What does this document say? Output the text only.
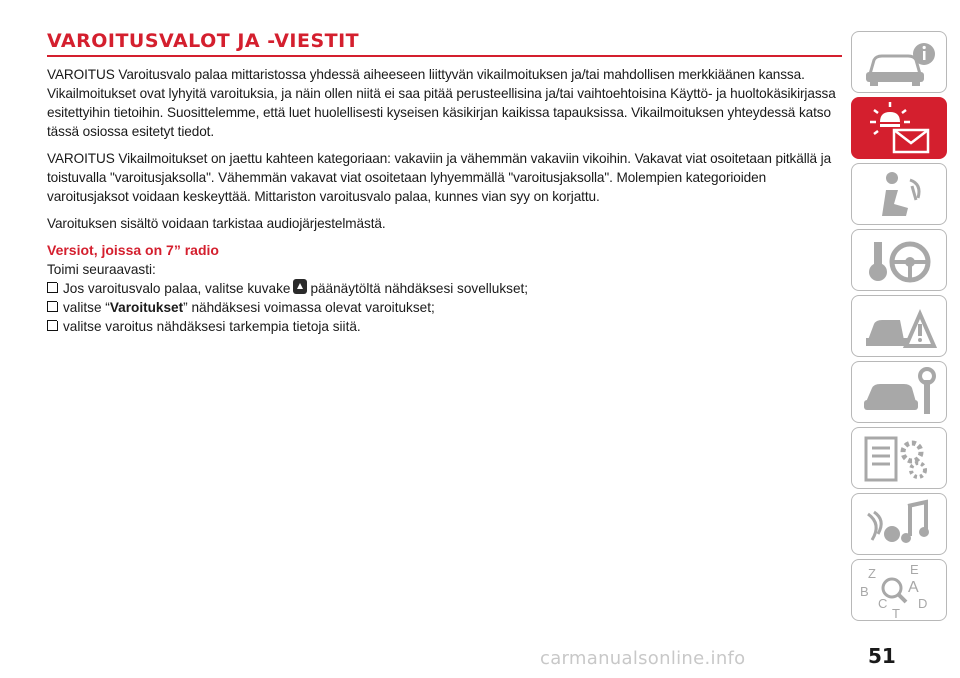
VAROITUSVALOT JA -VIESTIT

VAROITUS Varoitusvalo palaa mittaristossa yhdessä aiheeseen liittyvän vikailmoituksen ja/tai mahdollisen merkkiäänen kanssa. Vikailmoitukset ovat lyhyitä varoituksia, ja näin ollen niitä ei saa pitää perusteellisina ja/tai vaihtoehtoisina Käyttö- ja huoltokäsikirjassa esitettyihin tietoihin. Suosittelemme, että luet huolellisesti kyseisen käsikirjan kaikissa tapauksissa. Vikailmoituksen yhteydessä katso tässä osiossa esitetyt tiedot.

VAROITUS Vikailmoitukset on jaettu kahteen kategoriaan: vakaviin ja vähemmän vakaviin vikoihin. Vakavat viat osoitetaan pitkällä ja toistuvalla "varoitusjaksolla". Vähemmän vakavat viat osoitetaan lyhyemmällä "varoitusjaksolla". Molempien kategorioiden varoitusjaksot voidaan keskeyttää. Mittariston varoitusvalo palaa, kunnes vian syy on korjattu.

Varoituksen sisältö voidaan tarkistaa audiojärjestelmästä.

Versiot, joissa on 7” radio

Toimi seuraavasti:

Jos varoitusvalo palaa, valitse kuvake päänäytöltä nähdäksesi sovellukset;
valitse “ Varoitukset ” nähdäksesi voimassa olevat varoitukset;
valitse varoitus nähdäksesi tarkempia tietoja siitä.
Z	E
B A
C D
T
carmanualsonline.info	51
